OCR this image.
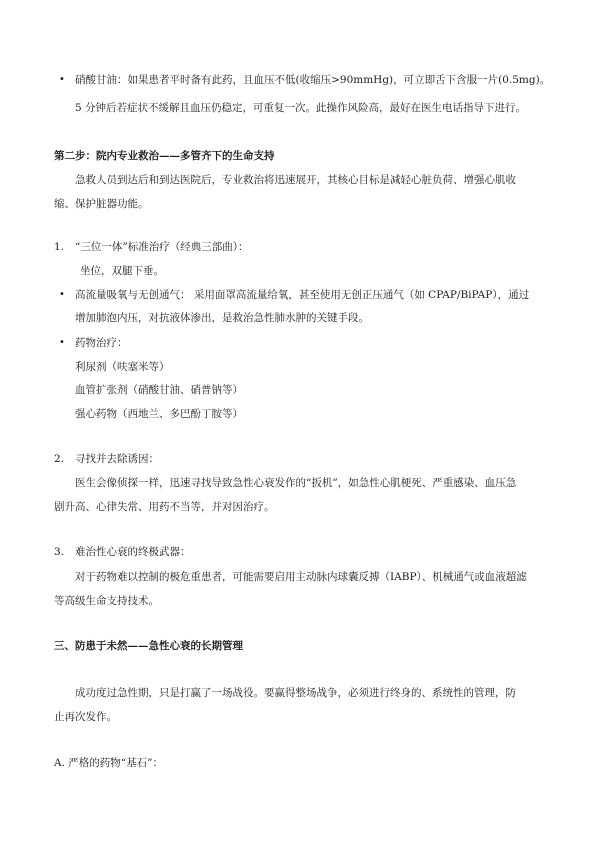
• 硝酸甘油：如果患者平时备有此药，且血压不低(收缩压>90mmHg)，可立即舌下含服一片(0.5mg)。
5 分钟后若症状不缓解且血压仍稳定，可重复一次。此操作风险高，最好在医生电话指导下进行。
第二步：院内专业救治——多管齐下的生命支持
急救人员到达后和到达医院后，专业救治将迅速展开，其核心目标是减轻心脏负荷、增强心肌收
缩、保护脏器功能。
1. “三位一体”标准治疗（经典三部曲）：
坐位，双腿下垂。
• 高流量吸氧与无创通气： 采用面罩高流量给氧，甚至使用无创正压通气（如 CPAP/BiPAP），通过
增加肺泡内压，对抗液体渗出，是救治急性肺水肿的关键手段。
• 药物治疗：
利尿剂（呋塞米等）
血管扩张剂（硝酸甘油、硝普钠等）
强心药物（西地兰、多巴酚丁胺等）
2. 寻找并去除诱因：
医生会像侦探一样，迅速寻找导致急性心衰发作的“扳机”，如急性心肌梗死、严重感染、血压急
剧升高、心律失常、用药不当等，并对因治疗。
3. 难治性心衰的终极武器：
对于药物难以控制的极危重患者，可能需要启用主动脉内球囊反搏（IABP）、机械通气或血液超滤
等高级生命支持技术。
三、防患于未然——急性心衰的长期管理
成功度过急性期，只是打赢了一场战役。要赢得整场战争，必须进行终身的、系统性的管理，防
止再次发作。
A. 严格的药物“基石”：
